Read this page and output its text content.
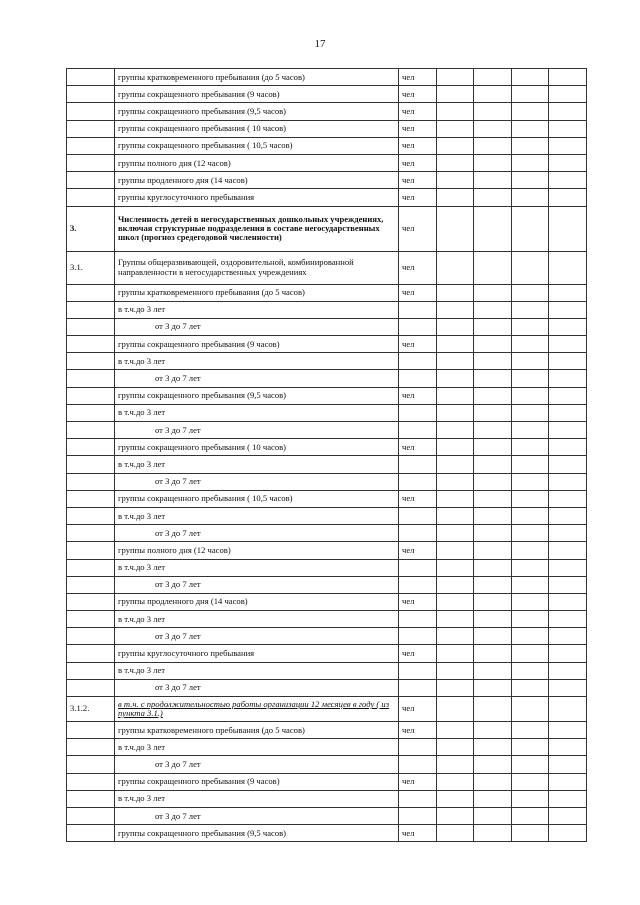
17
	группы кратковременного пребывания (до 5 часов)	чел				
	группы сокращенного пребывания (9 часов)	чел				
	группы сокращенного пребывания (9,5 часов)	чел				
	группы сокращенного пребывания ( 10 часов)	чел				
	группы сокращенного пребывания ( 10,5 часов)	чел				
	группы полного дня (12 часов)	чел				
	группы продленного дня (14 часов)	чел				
	группы круглосуточного пребывания	чел				
3.	Численность детей в негосударственных дошкольных учреждениях, включая структурные подразделения в составе негосударственных школ (прогноз средегодовой численности)	чел				
3.1.	Группы общеразвивающей, оздоровительной, комбинированной направленности в негосударственных учреждениях	чел				
	группы кратковременного пребывания (до 5 часов)	чел				
	в т.ч.до 3 лет					
	от 3 до 7 лет					
	группы сокращенного пребывания (9 часов)	чел				
	в т.ч.до 3 лет					
	от 3 до 7 лет					
	группы сокращенного пребывания (9,5 часов)	чел				
	в т.ч.до 3 лет					
	от 3 до 7 лет					
	группы сокращенного пребывания ( 10 часов)	чел				
	в т.ч.до 3 лет					
	от 3 до 7 лет					
	группы сокращенного пребывания ( 10,5 часов)	чел				
	в т.ч.до 3 лет					
	от 3 до 7 лет					
	группы полного дня (12 часов)	чел				
	в т.ч.до 3 лет					
	от 3 до 7 лет					
	группы продленного дня (14 часов)	чел				
	в т.ч.до 3 лет					
	от 3 до 7 лет					
	группы круглосуточного пребывания	чел				
	в т.ч.до 3 лет					
	от 3 до 7 лет					
3.1.2.	в т.ч. с продолжительностью работы организации 12 месяцев в году ( из пункта 3.1.)	чел				
	группы кратковременного пребывания (до 5 часов)	чел				
	в т.ч.до 3 лет					
	от 3 до 7 лет					
	группы сокращенного пребывания (9 часов)	чел				
	в т.ч.до 3 лет					
	от 3 до 7 лет					
	группы сокращенного пребывания (9,5 часов)	чел				
